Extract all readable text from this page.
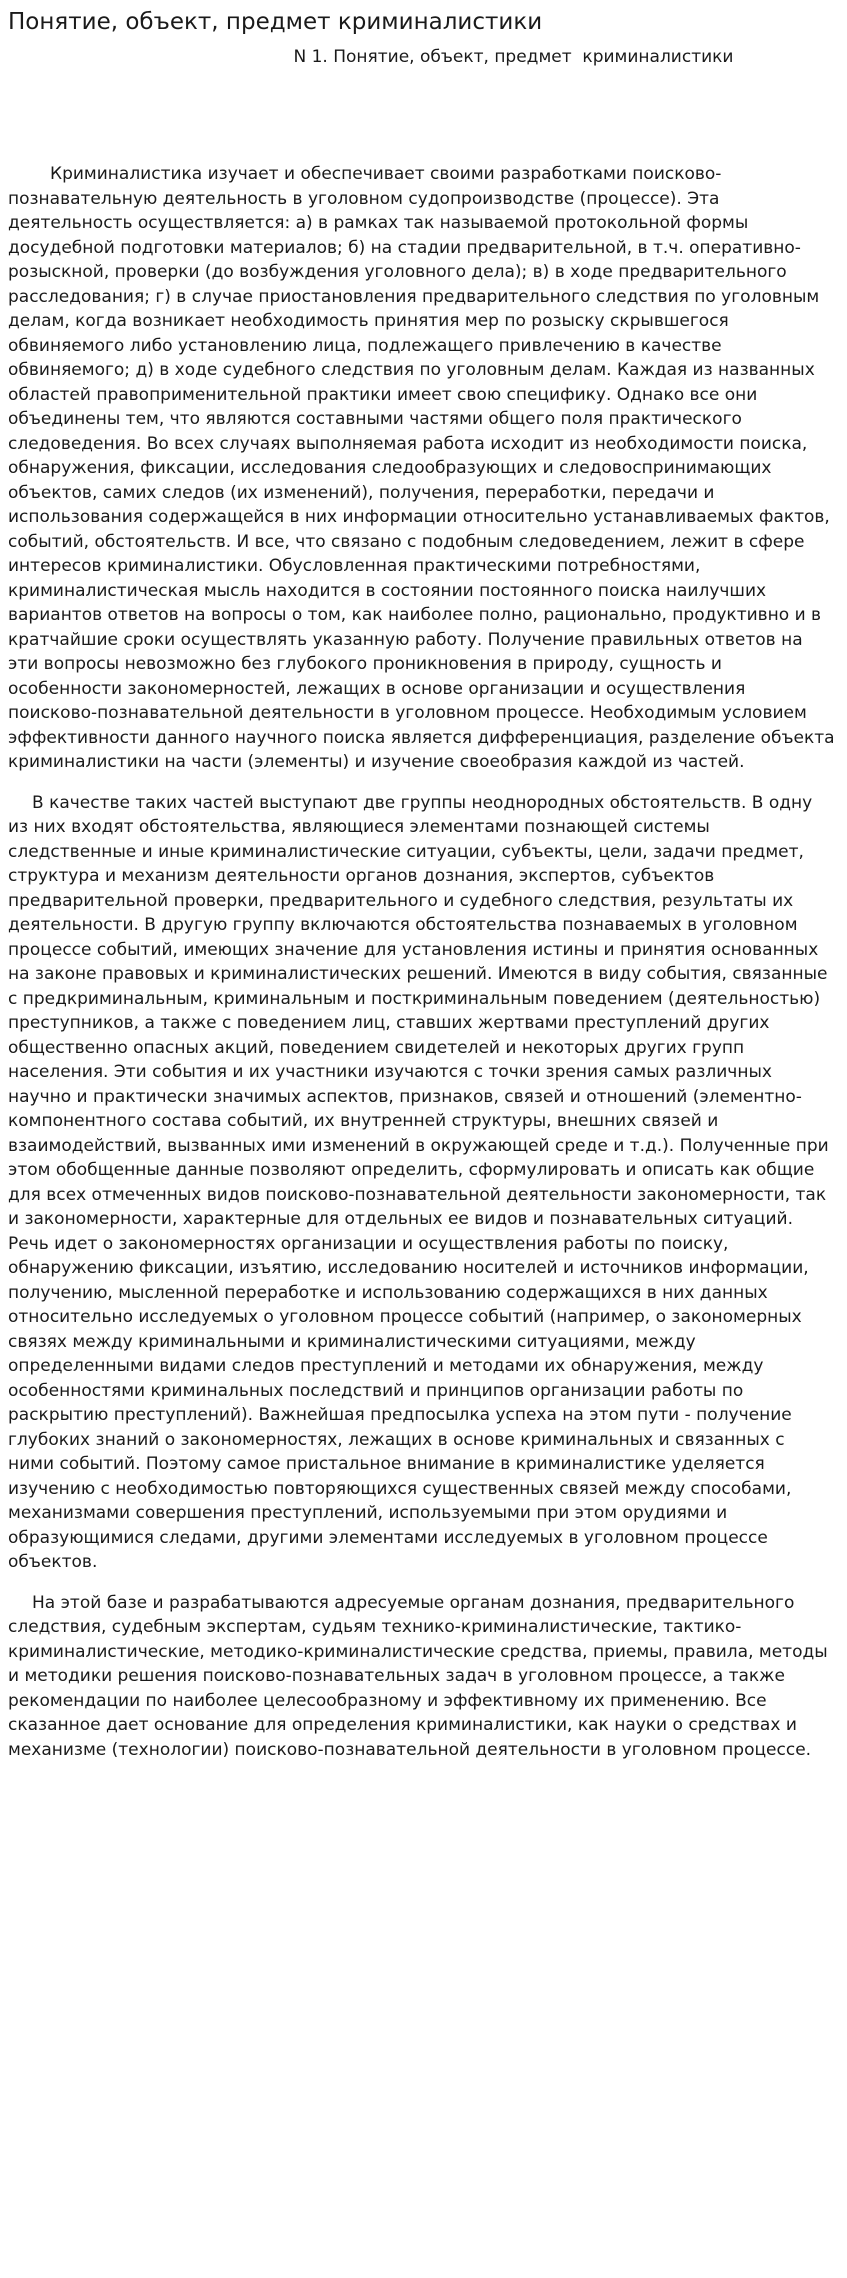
Понятие, объект, предмет криминалистики
N 1. Понятие, объект, предмет  криминалистики

Криминалистика изучает и обеспечивает своими разработками поисково-познавательную деятельность в уголовном судопроизводстве (процессе). Эта деятельность осуществляется: а) в рамках так называемой протокольной формы досудебной подготовки материалов; б) на стадии предварительной, в т.ч. оперативно-розыскной, проверки (до возбуждения уголовного дела); в) в ходе предварительного расследования; г) в случае приостановления предварительного следствия по уголовным делам, когда возникает необходимость принятия мер по розыску скрывшегося обвиняемого либо установлению лица, подлежащего привлечению в качестве обвиняемого; д) в ходе судебного следствия по уголовным делам. Каждая из названных областей правоприменительной практики имеет свою специфику. Однако все они объединены тем, что являются составными частями общего поля практического следоведения. Во всех случаях выполняемая работа исходит из необходимости поиска, обнаружения, фиксации, исследования следообразующих и следовоспринимающих объектов, самих следов (их изменений), получения, переработки, передачи и использования содержащейся в них информации относительно устанавливаемых фактов, событий, обстоятельств. И все, что связано с подобным следоведением, лежит в сфере интересов криминалистики. Обусловленная практическими потребностями, криминалистическая мысль находится в состоянии постоянного поиска наилучших вариантов ответов на вопросы о том, как наиболее полно, рационально, продуктивно и в кратчайшие сроки осуществлять указанную работу. Получение правильных ответов на эти вопросы невозможно без глубокого проникновения в природу, сущность и особенности закономерностей, лежащих в основе организации и осуществления поисково-познавательной деятельности в уголовном процессе. Необходимым условием эффективности данного научного поиска является дифференциация, разделение объекта криминалистики на части (элементы) и изучение своеобразия каждой из частей.

В качестве таких частей выступают две группы неоднородных обстоятельств. В одну из них входят обстоятельства, являющиеся элементами познающей системы следственные и иные криминалистические ситуации, субъекты, цели, задачи предмет, структура и механизм деятельности органов дознания, экспертов, субъектов предварительной проверки, предварительного и судебного следствия, результаты их деятельности. В другую группу включаются обстоятельства познаваемых в уголовном процессе событий, имеющих значение для установления истины и принятия основанных на законе правовых и криминалистических решений. Имеются в виду события, связанные с предкриминальным, криминальным и посткриминальным поведением (деятельностью) преступников, а также с поведением лиц, ставших жертвами преступлений других общественно опасных акций, поведением свидетелей и некоторых других групп населения. Эти события и их участники изучаются с точки зрения самых различных научно и практически значимых аспектов, признаков, связей и отношений (элементно-компонентного состава событий, их внутренней структуры, внешних связей и взаимодействий, вызванных ими изменений в окружающей среде и т.д.). Полученные при этом обобщенные данные позволяют определить, сформулировать и описать как общие для всех отмеченных видов поисково-познавательной деятельности закономерности, так и закономерности, характерные для отдельных ее видов и познавательных ситуаций. Речь идет о закономерностях организации и осуществления работы по поиску, обнаружению фиксации, изъятию, исследованию носителей и источников информации, получению, мысленной переработке и использованию содержащихся в них данных относительно исследуемых о уголовном процессе событий (например, о закономерных связях между криминальными и криминалистическими ситуациями, между определенными видами следов преступлений и методами их обнаружения, между особенностями криминальных последствий и принципов организации работы по раскрытию преступлений). Важнейшая предпосылка успеха на этом пути - получение глубоких знаний о закономерностях, лежащих в основе криминальных и связанных с ними событий. Поэтому самое пристальное внимание в криминалистике уделяется изучению с необходимостью повторяющихся существенных связей между способами, механизмами совершения преступлений, используемыми при этом орудиями и образующимися следами, другими элементами исследуемых в уголовном процессе объектов.

На этой базе и разрабатываются адресуемые органам дознания, предварительного следствия, судебным экспертам, судьям технико-криминалистические, тактико-криминалистические, методико-криминалистические средства, приемы, правила, методы и методики решения поисково-познавательных задач в уголовном процессе, а также рекомендации по наиболее целесообразному и эффективному их применению. Все сказанное дает основание для определения криминалистики, как науки о средствах и механизме (технологии) поисково-познавательной деятельности в уголовном процессе.
